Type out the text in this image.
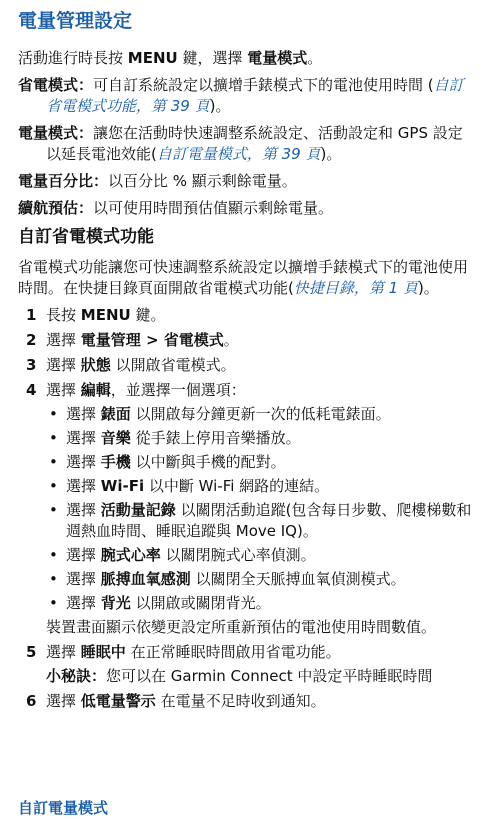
電量管理設定

活動進行時長按 MENU 鍵，選擇 電量模式。

省電模式：可自訂系統設定以擴增手錶模式下的電池使用時間 (自訂省電模式功能，第 39 頁)。

電量模式：讓您在活動時快速調整系統設定、活動設定和 GPS 設定以延長電池效能(自訂電量模式，第 39 頁)。

電量百分比：以百分比 % 顯示剩餘電量。

續航預估：以可使用時間預估值顯示剩餘電量。

自訂省電模式功能

省電模式功能讓您可快速調整系統設定以擴增手錶模式下的電池使用時間。在快捷目錄頁面開啟省電模式功能(快捷目錄，第 1 頁)。

1 長按 MENU 鍵。
2 選擇 電量管理 > 省電模式。
3 選擇 狀態 以開啟省電模式。
4 選擇 編輯，並選擇一個選項：
• 選擇 錶面 以開啟每分鐘更新一次的低耗電錶面。
• 選擇 音樂 從手錶上停用音樂播放。
• 選擇 手機 以中斷與手機的配對。
• 選擇 Wi‑Fi 以中斷 Wi‑Fi 網路的連結。
• 選擇 活動量記錄 以關閉活動追蹤(包含每日步數、爬樓梯數和週熱血時間、睡眠追蹤與 Move IQ)。
• 選擇 腕式心率 以關閉腕式心率偵測。
• 選擇 脈搏血氧感測 以關閉全天脈搏血氧偵測模式。
• 選擇 背光 以開啟或關閉背光。

裝置畫面顯示依變更設定所重新預估的電池使用時間數值。

5 選擇 睡眠中 在正常睡眠時間啟用省電功能。

小秘訣：您可以在 Garmin Connect 中設定平時睡眠時間

6 選擇 低電量警示 在電量不足時收到通知。
自訂電量模式
